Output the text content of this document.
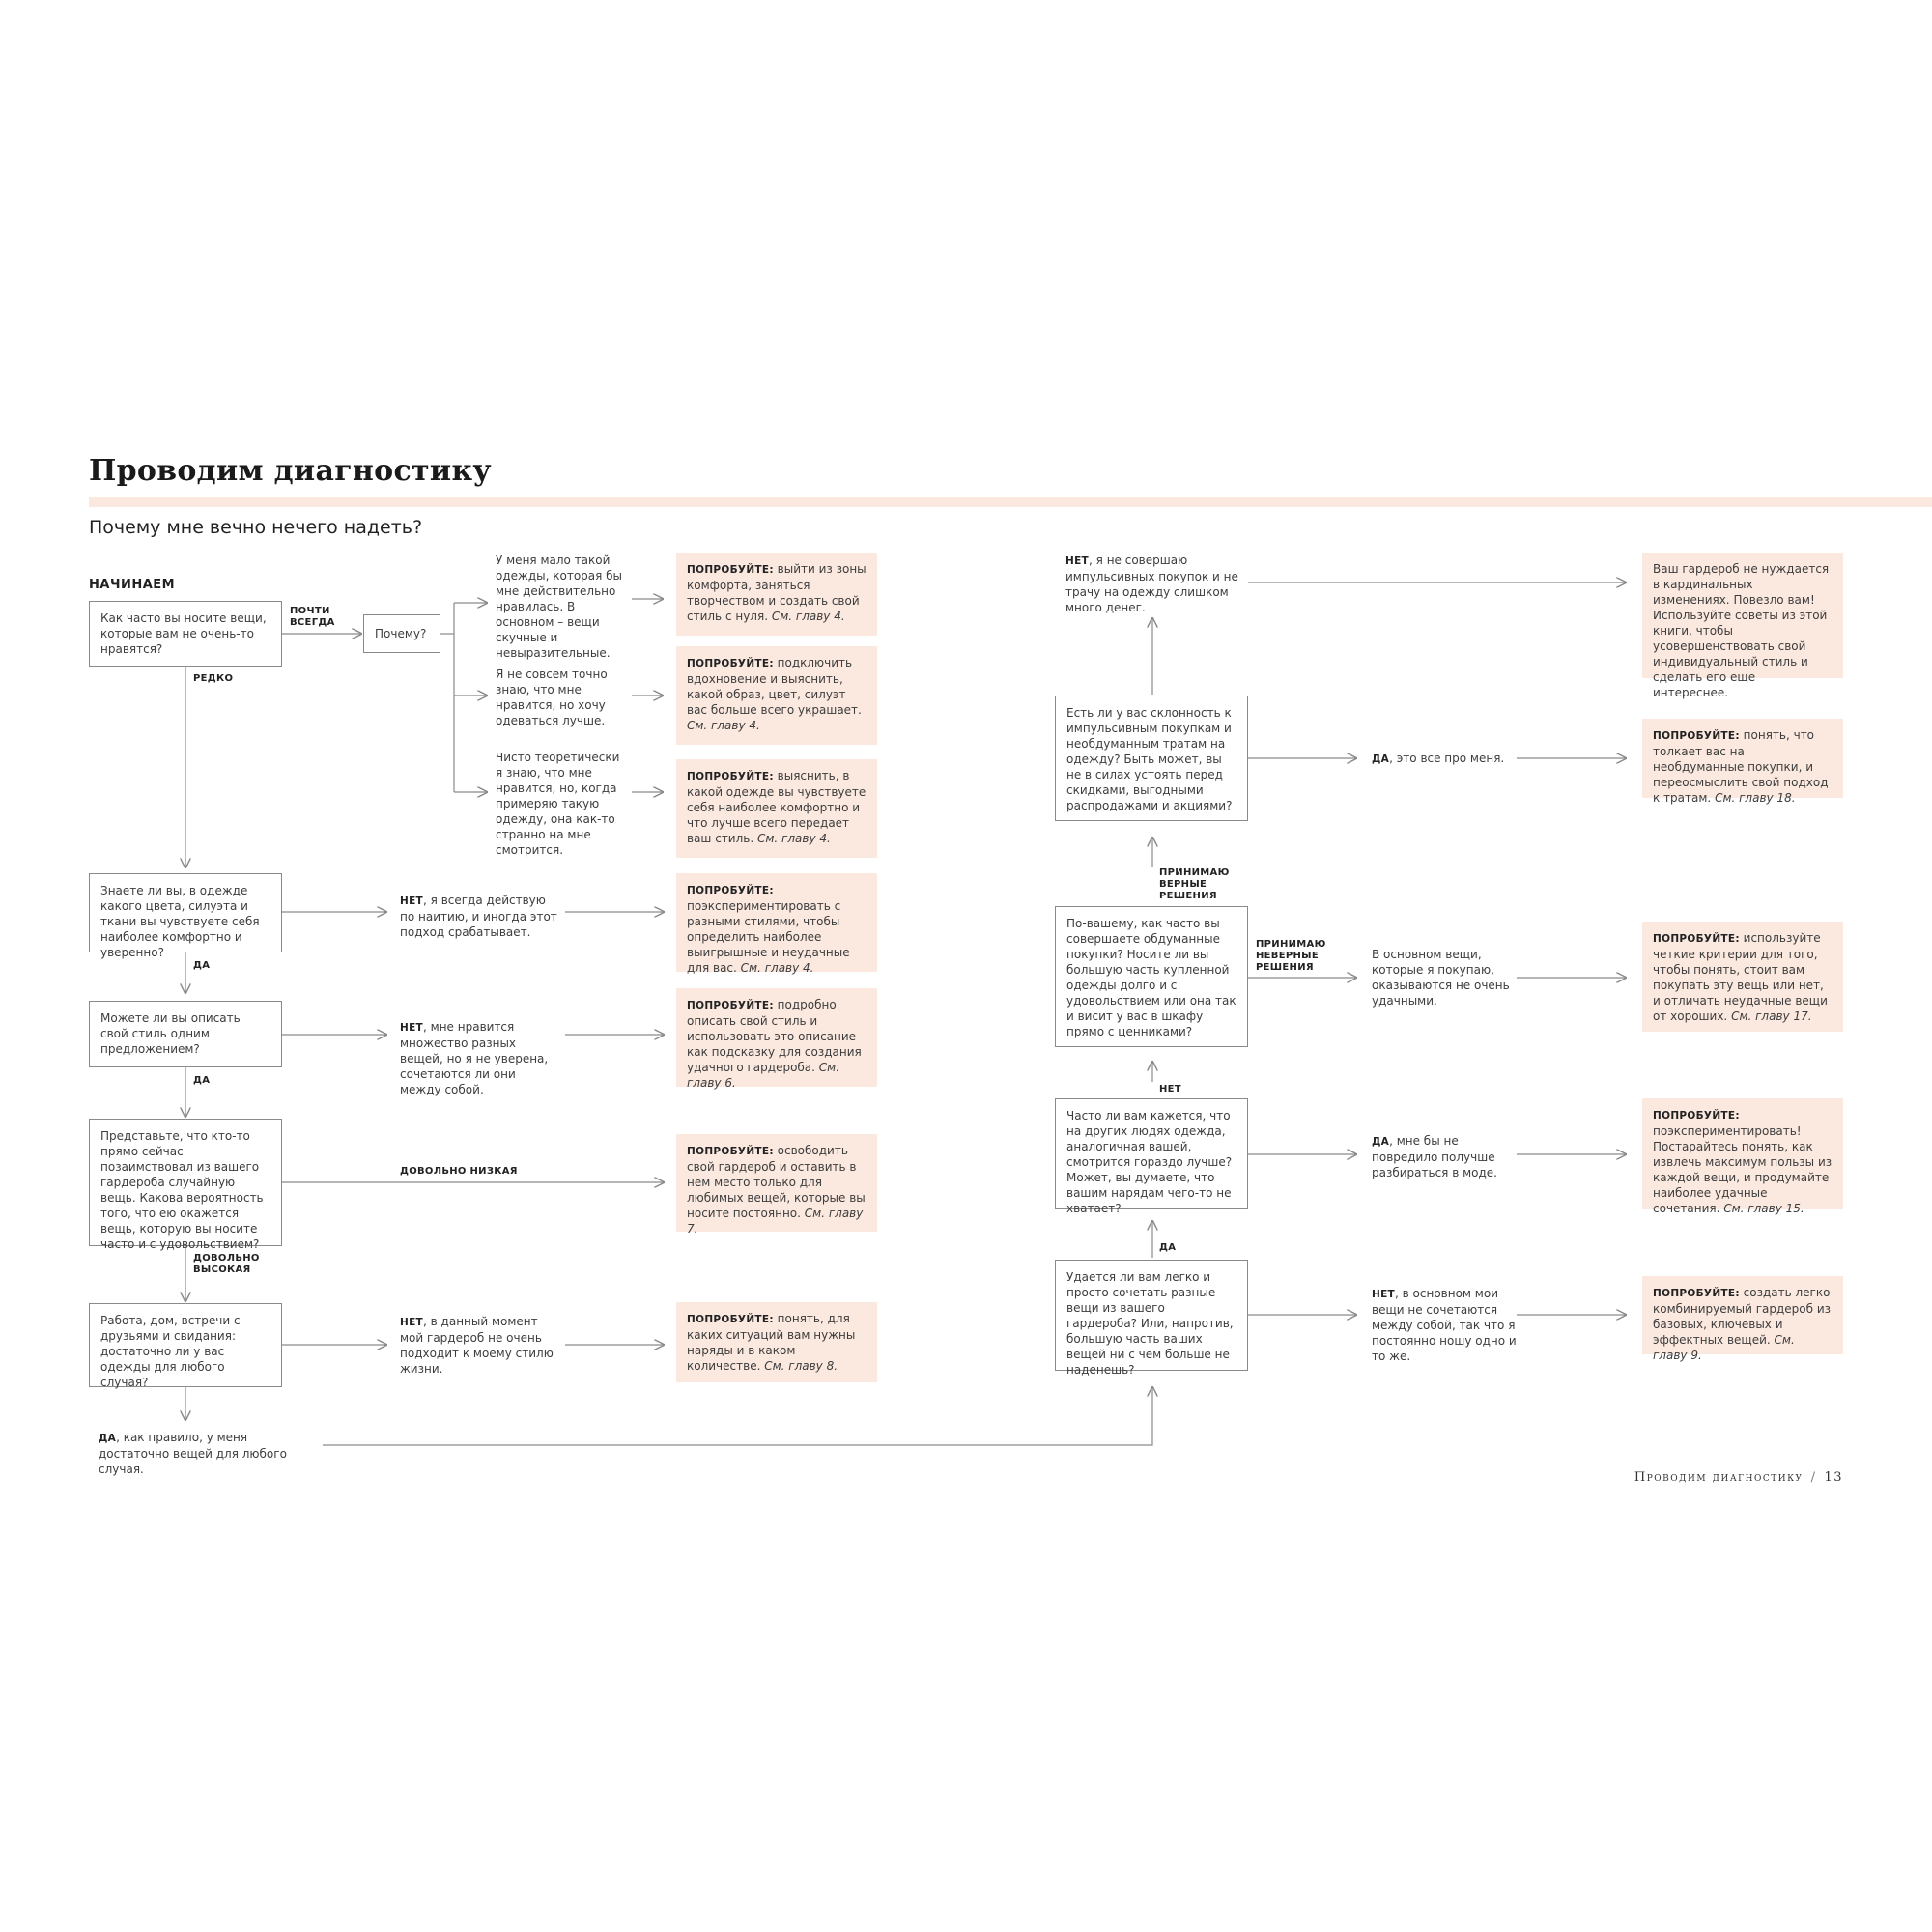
Проводим диагностику

Почему мне вечно нечего надеть?

НАЧИНАЕМ
Как часто вы носите вещи, которые вам не очень-то нравятся?
ПОЧТИ ВСЕГДА
Почему?
РЕДКО
У меня мало такой одежды, которая бы мне действительно нравилась. В основном – вещи скучные и невыразительные.
Я не совсем точно знаю, что мне нравится, но хочу одеваться лучше.
Чисто теоретически я знаю, что мне нравится, но, когда примеряю такую одежду, она как-то странно на мне смотрится.
ПОПРОБУЙТЕ: выйти из зоны комфорта, заняться творчеством и создать свой стиль с нуля. См. главу 4.
ПОПРОБУЙТЕ: подключить вдохновение и выяснить, какой образ, цвет, силуэт вас больше всего украшает. См. главу 4.
ПОПРОБУЙТЕ: выяснить, в какой одежде вы чувствуете себя наиболее комфортно и что лучше всего передает ваш стиль. См. главу 4.
Знаете ли вы, в одежде какого цвета, силуэта и ткани вы чувствуете себя наиболее комфортно и уверенно?
НЕТ, я всегда действую по наитию, и иногда этот подход срабатывает.
ПОПРОБУЙТЕ: поэкспериментировать с разными стилями, чтобы определить наиболее выигрышные и неудачные для вас. См. главу 4.
ДА
Можете ли вы описать свой стиль одним предложением?
НЕТ, мне нравится множество разных вещей, но я не уверена, сочетаются ли они между собой.
ПОПРОБУЙТЕ: подробно описать свой стиль и использовать это описание как подсказку для создания удачного гардероба. См. главу 6.
ДА
Представьте, что кто-то прямо сейчас позаимствовал из вашего гардероба случайную вещь. Какова вероятность того, что ею окажется вещь, которую вы носите часто и с удовольствием?
ДОВОЛЬНО НИЗКАЯ
ПОПРОБУЙТЕ: освободить свой гардероб и оставить в нем место только для любимых вещей, которые вы носите постоянно. См. главу 7.
ДОВОЛЬНО ВЫСОКАЯ
Работа, дом, встречи с друзьями и свидания: достаточно ли у вас одежды для любого случая?
НЕТ, в данный момент мой гардероб не очень подходит к моему стилю жизни.
ПОПРОБУЙТЕ: понять, для каких ситуаций вам нужны наряды и в каком количестве. См. главу 8.
ДА, как правило, у меня достаточно вещей для любого случая.
НЕТ, я не совершаю импульсивных покупок и не трачу на одежду слишком много денег.
Ваш гардероб не нуждается в кардинальных изменениях. Повезло вам! Используйте советы из этой книги, чтобы усовершенствовать свой индивидуальный стиль и сделать его еще интереснее.
Есть ли у вас склонность к импульсивным покупкам и необдуманным тратам на одежду? Быть может, вы не в силах устоять перед скидками, выгодными распродажами и акциями?
ДА, это все про меня.
ПОПРОБУЙТЕ: понять, что толкает вас на необдуманные покупки, и переосмыслить свой подход к тратам. См. главу 18.
ПРИНИМАЮ ВЕРНЫЕ РЕШЕНИЯ
По-вашему, как часто вы совершаете обдуманные покупки? Носите ли вы большую часть купленной одежды долго и с удовольствием или она так и висит у вас в шкафу прямо с ценниками?
ПРИНИМАЮ НЕВЕРНЫЕ РЕШЕНИЯ
В основном вещи, которые я покупаю, оказываются не очень удачными.
ПОПРОБУЙТЕ: используйте четкие критерии для того, чтобы понять, стоит вам покупать эту вещь или нет, и отличать неудачные вещи от хороших. См. главу 17.
НЕТ
Часто ли вам кажется, что на других людях одежда, аналогичная вашей, смотрится гораздо лучше? Может, вы думаете, что вашим нарядам чего-то не хватает?
ДА, мне бы не повредило получше разбираться в моде.
ПОПРОБУЙТЕ: поэкспериментировать! Постарайтесь понять, как извлечь максимум пользы из каждой вещи, и продумайте наиболее удачные сочетания. См. главу 15.
ДА
Удается ли вам легко и просто сочетать разные вещи из вашего гардероба? Или, напротив, большую часть ваших вещей ни с чем больше не наденешь?
НЕТ, в основном мои вещи не сочетаются между собой, так что я постоянно ношу одно и то же.
ПОПРОБУЙТЕ: создать легко комбинируемый гардероб из базовых, ключевых и эффектных вещей. См. главу 9.
Проводим диагностику / 13
